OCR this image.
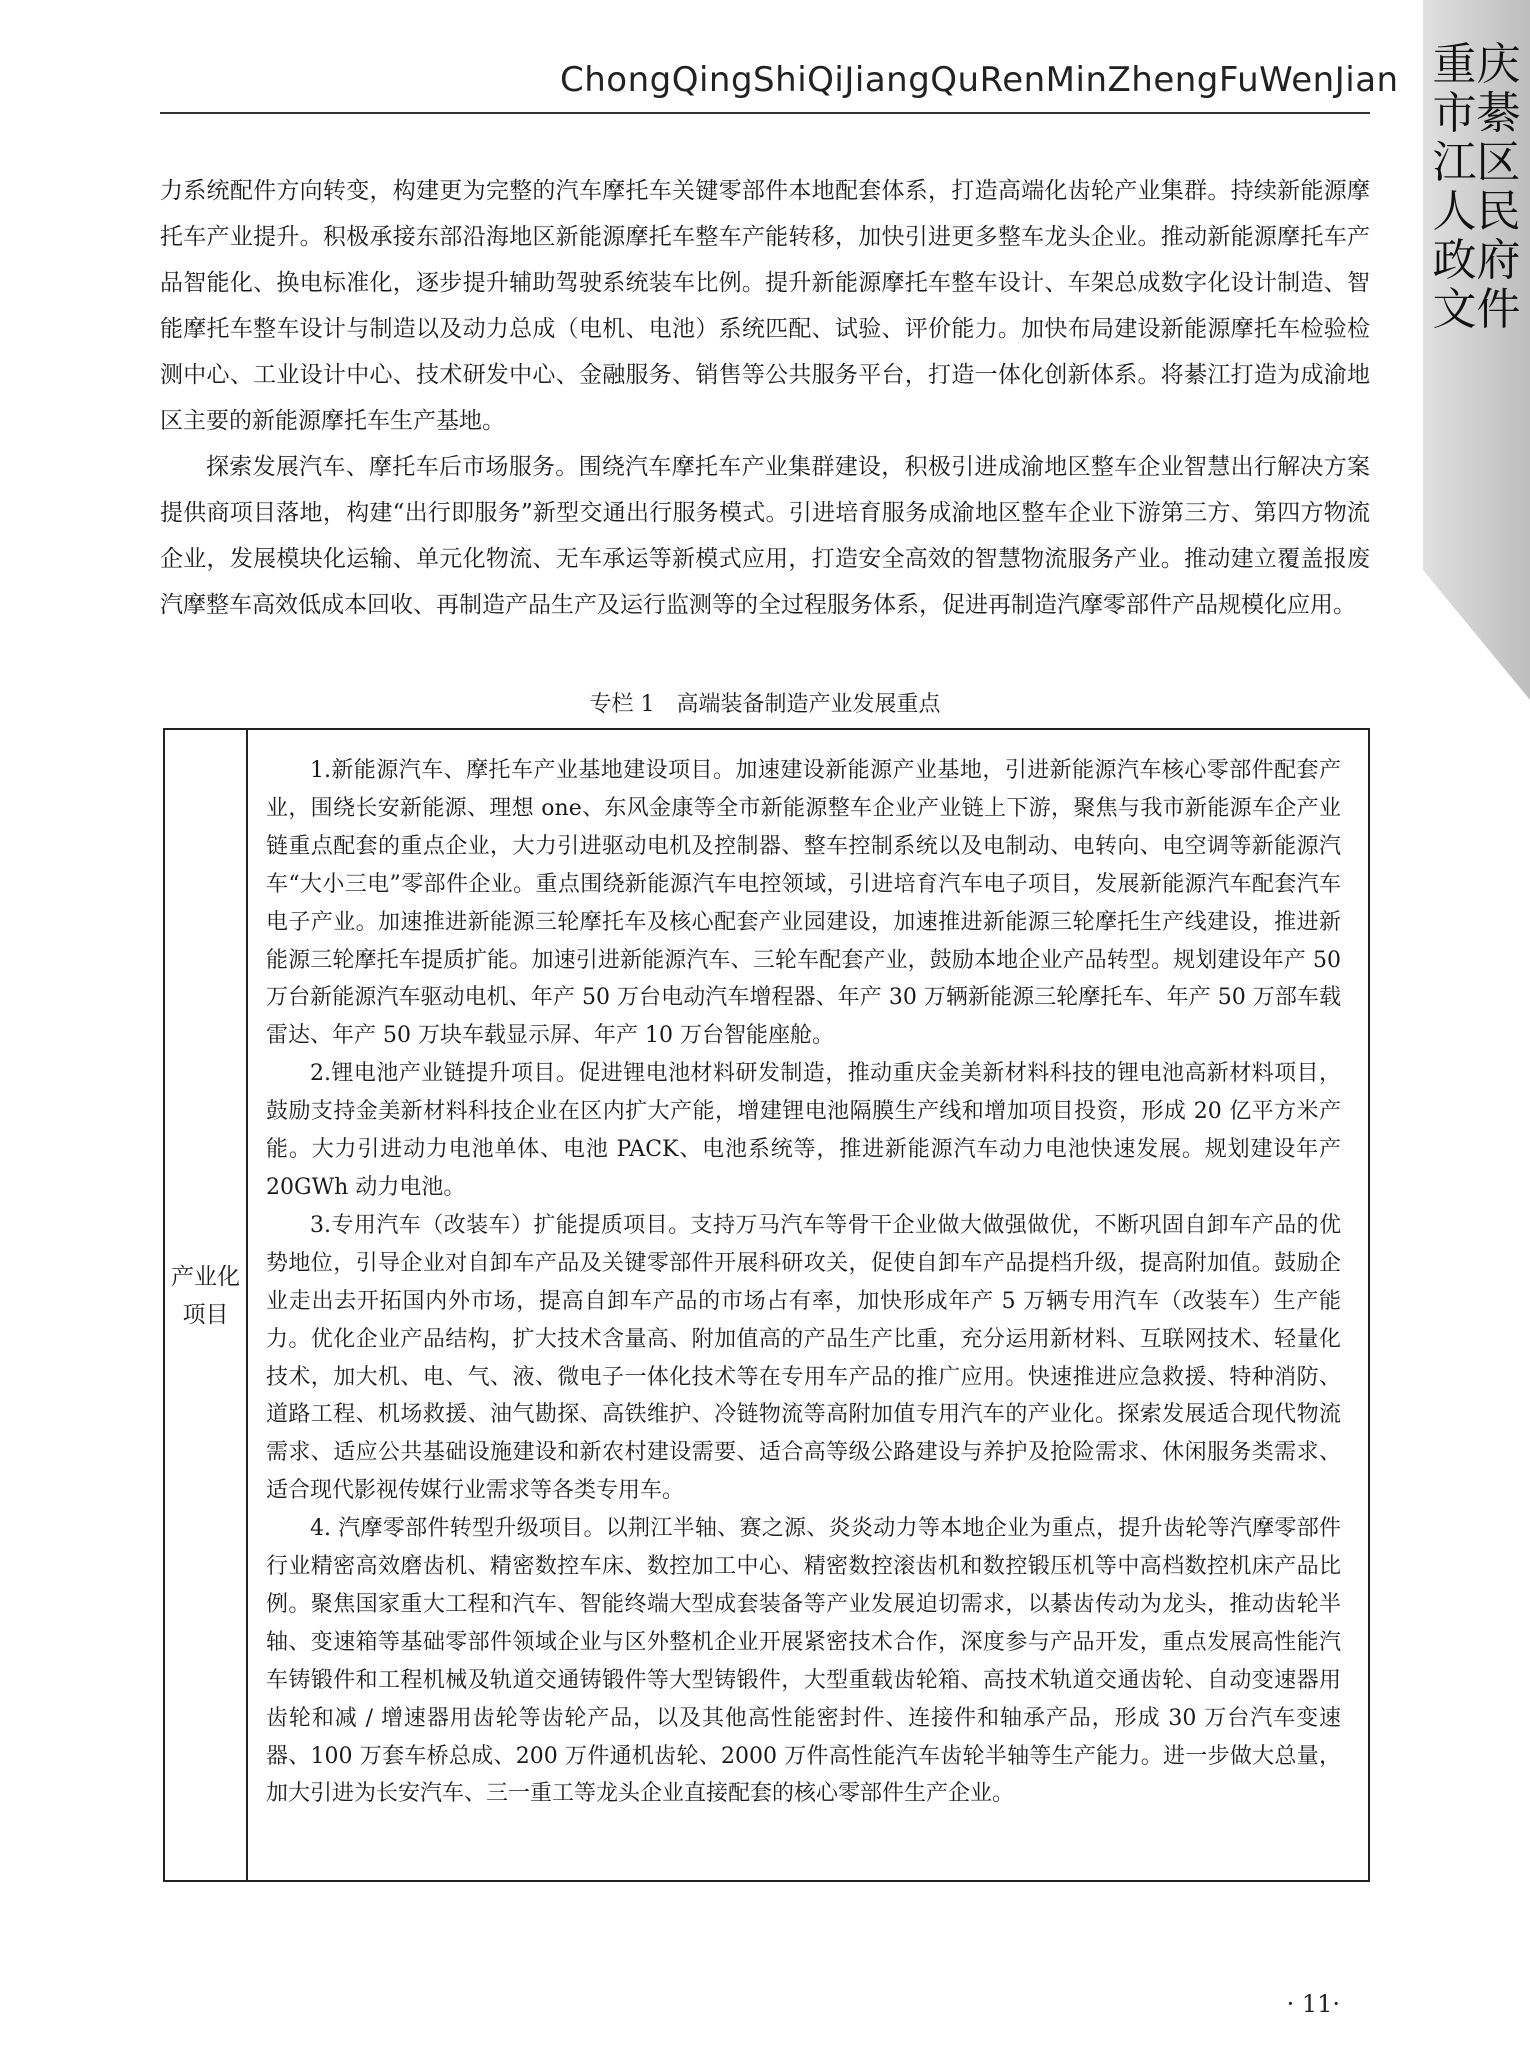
ChongQingShiQiJiangQuRenMinZhengFuWenJian 重庆市綦江区人民政府文件

力系统配件方向转变，构建更为完整的汽车摩托车关键零部件本地配套体系，打造高端化齿轮产业集群。持续新能源摩托车产业提升。积极承接东部沿海地区新能源摩托车整车产能转移，加快引进更多整车龙头企业。推动新能源摩托车产品智能化、换电标准化，逐步提升辅助驾驶系统装车比例。提升新能源摩托车整车设计、车架总成数字化设计制造、智能摩托车整车设计与制造以及动力总成（电机、电池）系统匹配、试验、评价能力。加快布局建设新能源摩托车检验检测中心、工业设计中心、技术研发中心、金融服务、销售等公共服务平台，打造一体化创新体系。将綦江打造为成渝地区主要的新能源摩托车生产基地。

探索发展汽车、摩托车后市场服务。围绕汽车摩托车产业集群建设，积极引进成渝地区整车企业智慧出行解决方案提供商项目落地，构建“出行即服务”新型交通出行服务模式。引进培育服务成渝地区整车企业下游第三方、第四方物流企业，发展模块化运输、单元化物流、无车承运等新模式应用，打造安全高效的智慧物流服务产业。推动建立覆盖报废汽摩整车高效低成本回收、再制造产品生产及运行监测等的全过程服务体系，促进再制造汽摩零部件产品规模化应用。

专栏 1　高端装备制造产业发展重点
产业化项目

1.新能源汽车、摩托车产业基地建设项目。加速建设新能源产业基地，引进新能源汽车核心零部件配套产业，围绕长安新能源、理想 one、东风金康等全市新能源整车企业产业链上下游，聚焦与我市新能源车企产业链重点配套的重点企业，大力引进驱动电机及控制器、整车控制系统以及电制动、电转向、电空调等新能源汽车“大小三电”零部件企业。重点围绕新能源汽车电控领域，引进培育汽车电子项目，发展新能源汽车配套汽车电子产业。加速推进新能源三轮摩托车及核心配套产业园建设，加速推进新能源三轮摩托生产线建设，推进新能源三轮摩托车提质扩能。加速引进新能源汽车、三轮车配套产业，鼓励本地企业产品转型。规划建设年产 50 万台新能源汽车驱动电机、年产 50 万台电动汽车增程器、年产 30 万辆新能源三轮摩托车、年产 50 万部车载雷达、年产 50 万块车载显示屏、年产 10 万台智能座舱。

2.锂电池产业链提升项目。促进锂电池材料研发制造，推动重庆金美新材料科技的锂电池高新材料项目，鼓励支持金美新材料科技企业在区内扩大产能，增建锂电池隔膜生产线和增加项目投资，形成 20 亿平方米产能。大力引进动力电池单体、电池 PACK、电池系统等，推进新能源汽车动力电池快速发展。规划建设年产 20GWh 动力电池。

3.专用汽车（改装车）扩能提质项目。支持万马汽车等骨干企业做大做强做优，不断巩固自卸车产品的优势地位，引导企业对自卸车产品及关键零部件开展科研攻关，促使自卸车产品提档升级，提高附加值。鼓励企业走出去开拓国内外市场，提高自卸车产品的市场占有率，加快形成年产 5 万辆专用汽车（改装车）生产能力。优化企业产品结构，扩大技术含量高、附加值高的产品生产比重，充分运用新材料、互联网技术、轻量化技术，加大机、电、气、液、微电子一体化技术等在专用车产品的推广应用。快速推进应急救援、特种消防、道路工程、机场救援、油气勘探、高铁维护、冷链物流等高附加值专用汽车的产业化。探索发展适合现代物流需求、适应公共基础设施建设和新农村建设需要、适合高等级公路建设与养护及抢险需求、休闲服务类需求、适合现代影视传媒行业需求等各类专用车。

4. 汽摩零部件转型升级项目。以荆江半轴、赛之源、炎炎动力等本地企业为重点，提升齿轮等汽摩零部件行业精密高效磨齿机、精密数控车床、数控加工中心、精密数控滚齿机和数控锻压机等中高档数控机床产品比例。聚焦国家重大工程和汽车、智能终端大型成套装备等产业发展迫切需求，以綦齿传动为龙头，推动齿轮半轴、变速箱等基础零部件领域企业与区外整机企业开展紧密技术合作，深度参与产品开发，重点发展高性能汽车铸锻件和工程机械及轨道交通铸锻件等大型铸锻件，大型重载齿轮箱、高技术轨道交通齿轮、自动变速器用齿轮和减 / 增速器用齿轮等齿轮产品，以及其他高性能密封件、连接件和轴承产品，形成 30 万台汽车变速器、100 万套车桥总成、200 万件通机齿轮、2000 万件高性能汽车齿轮半轴等生产能力。进一步做大总量，加大引进为长安汽车、三一重工等龙头企业直接配套的核心零部件生产企业。

· 11·
